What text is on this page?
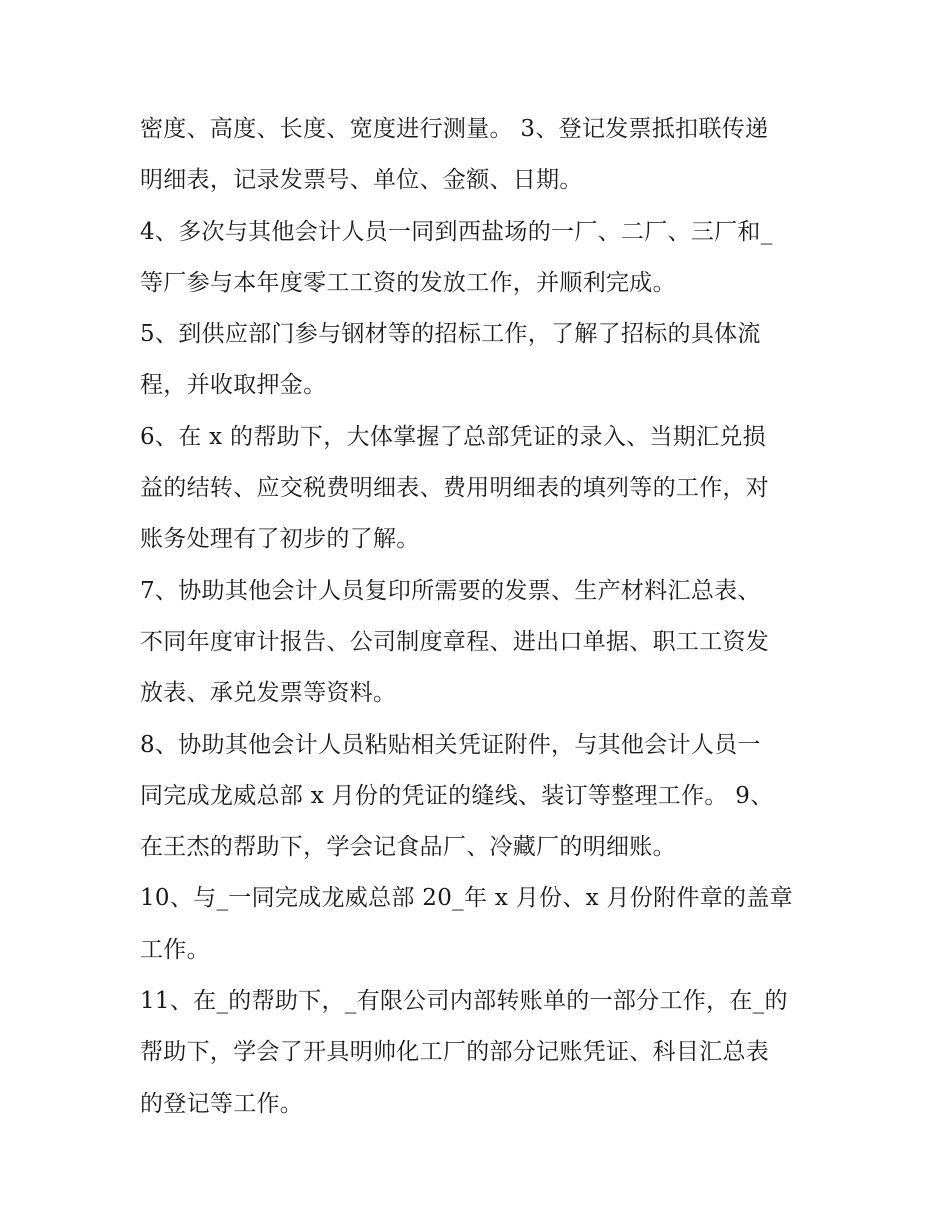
密度、高度、长度、宽度进行测量。 3、登记发票抵扣联传递
明细表，记录发票号、单位、金额、日期。

4、多次与其他会计人员一同到西盐场的一厂、二厂、三厂和_
等厂参与本年度零工工资的发放工作，并顺利完成。

5、到供应部门参与钢材等的招标工作，了解了招标的具体流
程，并收取押金。

6、在 x 的帮助下，大体掌握了总部凭证的录入、当期汇兑损
益的结转、应交税费明细表、费用明细表的填列等的工作，对
账务处理有了初步的了解。

7、协助其他会计人员复印所需要的发票、生产材料汇总表、
不同年度审计报告、公司制度章程、进出口单据、职工工资发
放表、承兑发票等资料。

8、协助其他会计人员粘贴相关凭证附件，与其他会计人员一
同完成龙威总部 x 月份的凭证的缝线、装订等整理工作。 9、
在王杰的帮助下，学会记食品厂、冷藏厂的明细账。

10、与_一同完成龙威总部 20_年 x 月份、x 月份附件章的盖章
工作。

11、在_的帮助下，_有限公司内部转账单的一部分工作，在_的
帮助下，学会了开具明帅化工厂的部分记账凭证、科目汇总表
的登记等工作。
